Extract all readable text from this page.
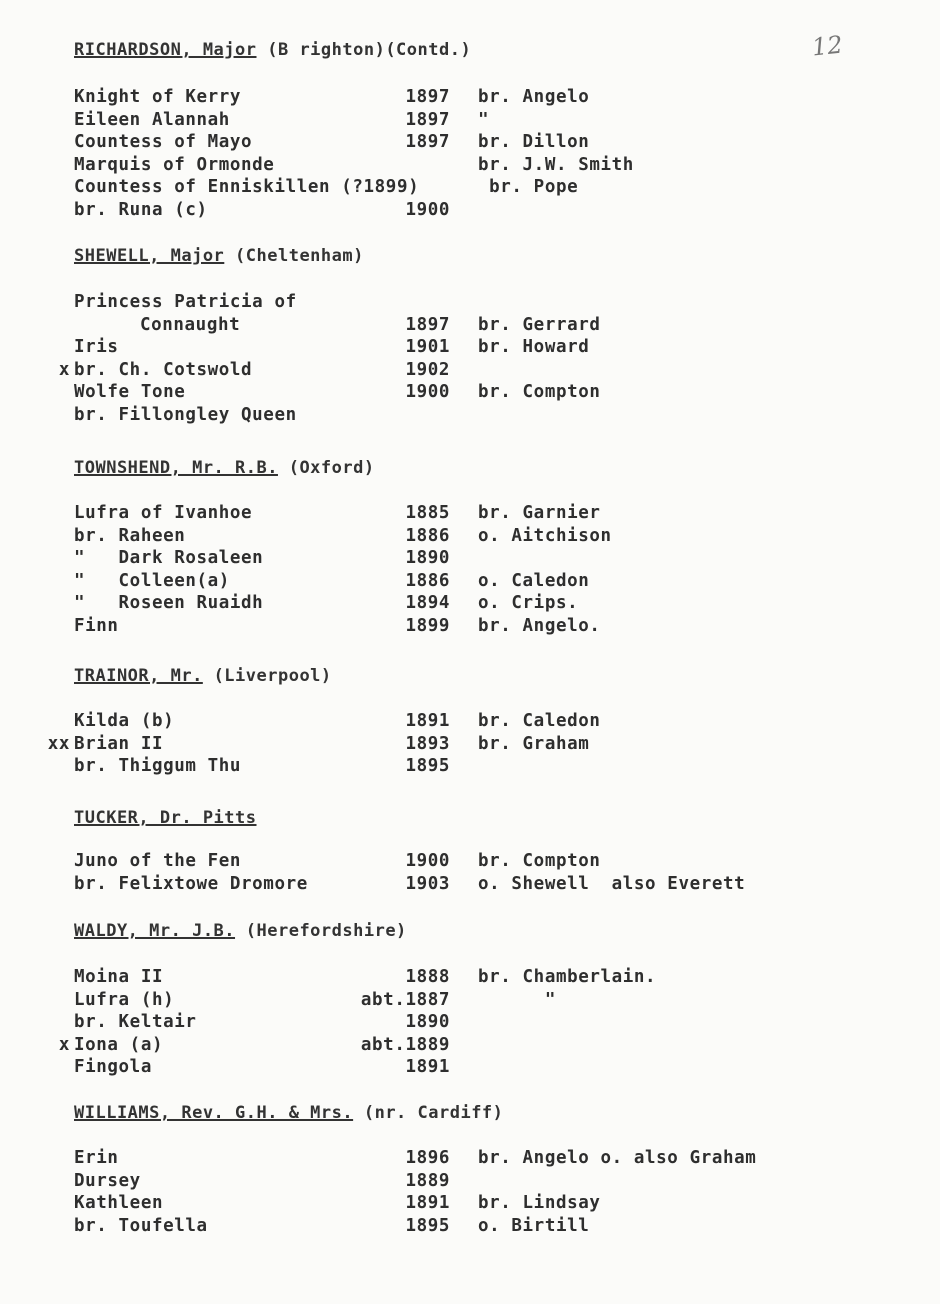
12
RICHARDSON, Major (B righton)(Contd.)
Knight of Kerry	1897 br. Angelo
Eileen Alannah	1897 "
Countess of Mayo	1897 br. Dillon
Marquis of Ormonde	br. J.W. Smith
Countess of Enniskillen (?1899)	br. Pope
br. Runa (c)	1900
SHEWELL, Major (Cheltenham)
Princess Patricia of
Connaught	1897 br. Gerrard
Iris	1901 br. Howard
x br. Ch. Cotswold	1902
Wolfe Tone	1900 br. Compton
br. Fillongley Queen
TOWNSHEND, Mr. R.B. (Oxford)
Lufra of Ivanhoe	1885 br. Garnier
br. Raheen	1886 o. Aitchison
"   Dark Rosaleen	1890
"   Colleen(a)	1886 o. Caledon
"   Roseen Ruaidh	1894 o. Crips.
Finn	1899 br. Angelo.
TRAINOR, Mr. (Liverpool)
Kilda (b)	1891 br. Caledon
xx Brian II	1893 br. Graham
br. Thiggum Thu	1895
TUCKER, Dr. Pitts
Juno of the Fen	1900 br. Compton
br. Felixtowe Dromore	1903 o. Shewell  also Everett
WALDY, Mr. J.B. (Herefordshire)
Moina II	1888 br. Chamberlain.
Lufra (h)	abt.1887 "
br. Keltair	1890
x Iona (a)	abt.1889
Fingola	1891
WILLIAMS, Rev. G.H. & Mrs. (nr. Cardiff)
Erin	1896 br. Angelo o. also Graham
Dursey	1889
Kathleen	1891 br. Lindsay
br. Toufella	1895 o. Birtill
